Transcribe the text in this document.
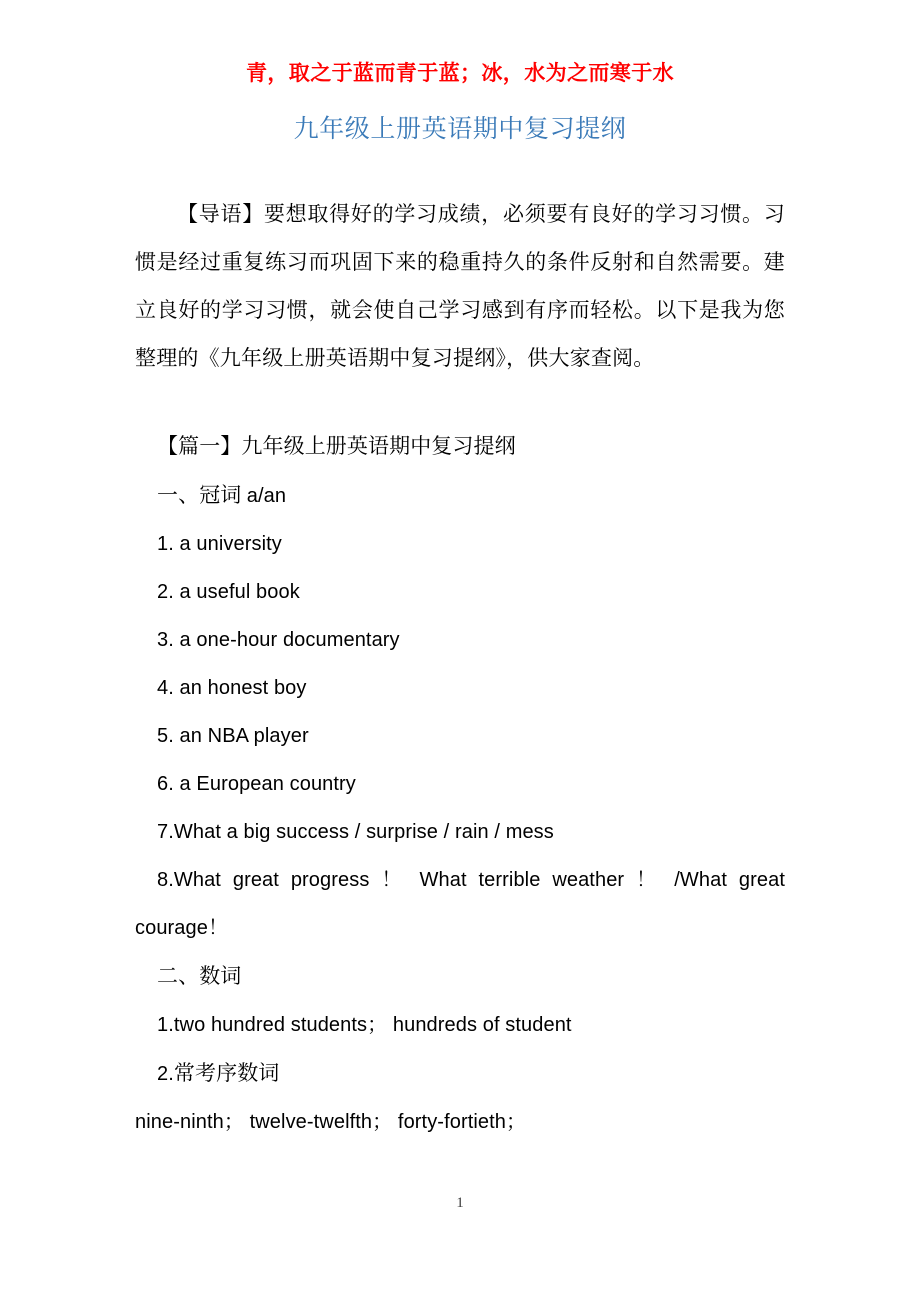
青，取之于蓝而青于蓝；冰，水为之而寒于水
九年级上册英语期中复习提纲
【导语】要想取得好的学习成绩，必须要有良好的学习习惯。习惯是经过重复练习而巩固下来的稳重持久的条件反射和自然需要。建立良好的学习习惯，就会使自己学习感到有序而轻松。以下是我为您整理的《九年级上册英语期中复习提纲》，供大家查阅。
【篇一】九年级上册英语期中复习提纲
一、冠词 a/an
1. a university
2. a useful book
3. a one-hour documentary
4. an honest boy
5. an NBA player
6. a European country
7.What a big success / surprise / rain / mess
8.What great progress ！ What terrible weather ！ /What great
courage！
二、数词
1.two hundred students； hundreds of student
2.常考序数词
nine-ninth； twelve-twelfth； forty-fortieth；
1
